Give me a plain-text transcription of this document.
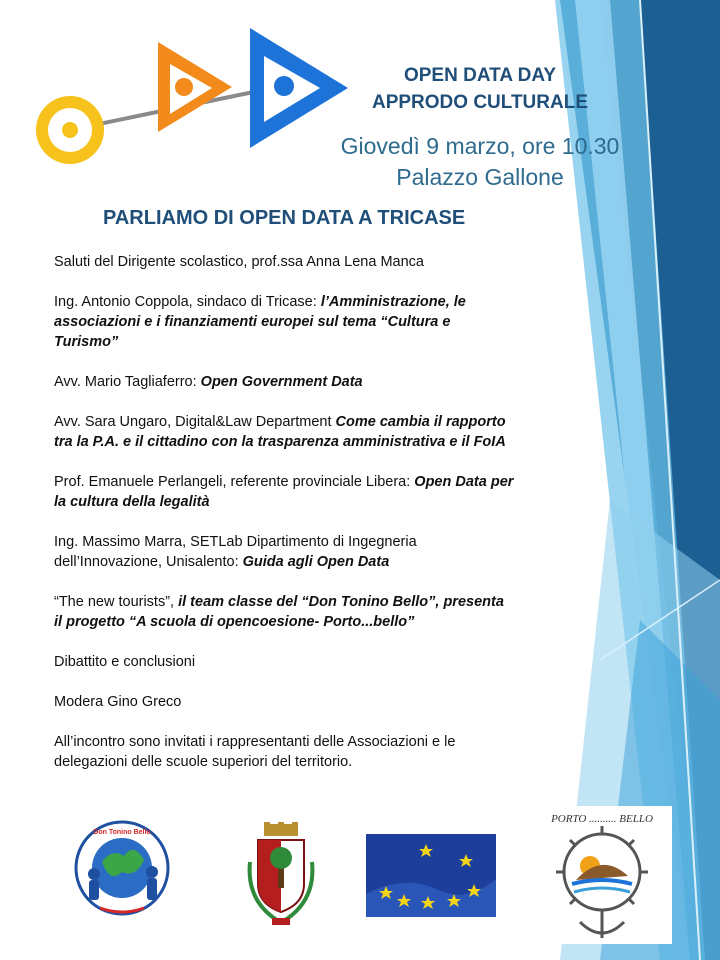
OPEN DATA DAY
APPRODO CULTURALE
Giovedì 9 marzo, ore 10.30
Palazzo Gallone
PARLIAMO DI OPEN DATA A TRICASE

Saluti del Dirigente scolastico, prof.ssa Anna Lena Manca

Ing. Antonio Coppola, sindaco di Tricase: l’Amministrazione, le associazioni e i finanziamenti europei sul tema “Cultura e Turismo”

Avv. Mario Tagliaferro: Open Government Data

Avv. Sara Ungaro, Digital&Law Department Come cambia il rapporto tra la P.A. e il cittadino con la trasparenza amministrativa e il FoIA

Prof. Emanuele Perlangeli, referente provinciale Libera: Open Data per la cultura della legalità

Ing. Massimo Marra, SETLab Dipartimento di Ingegneria dell’Innovazione, Unisalento: Guida agli Open Data

“The new tourists”, il team classe del “Don Tonino Bello”, presenta il progetto “A scuola di opencoesione- Porto...bello”

Dibattito e conclusioni

Modera Gino Greco

All’incontro sono invitati i rappresentanti delle Associazioni e le delegazioni delle scuole superiori del territorio.

Don Tonino Bello
PORTO .......... BELLO
